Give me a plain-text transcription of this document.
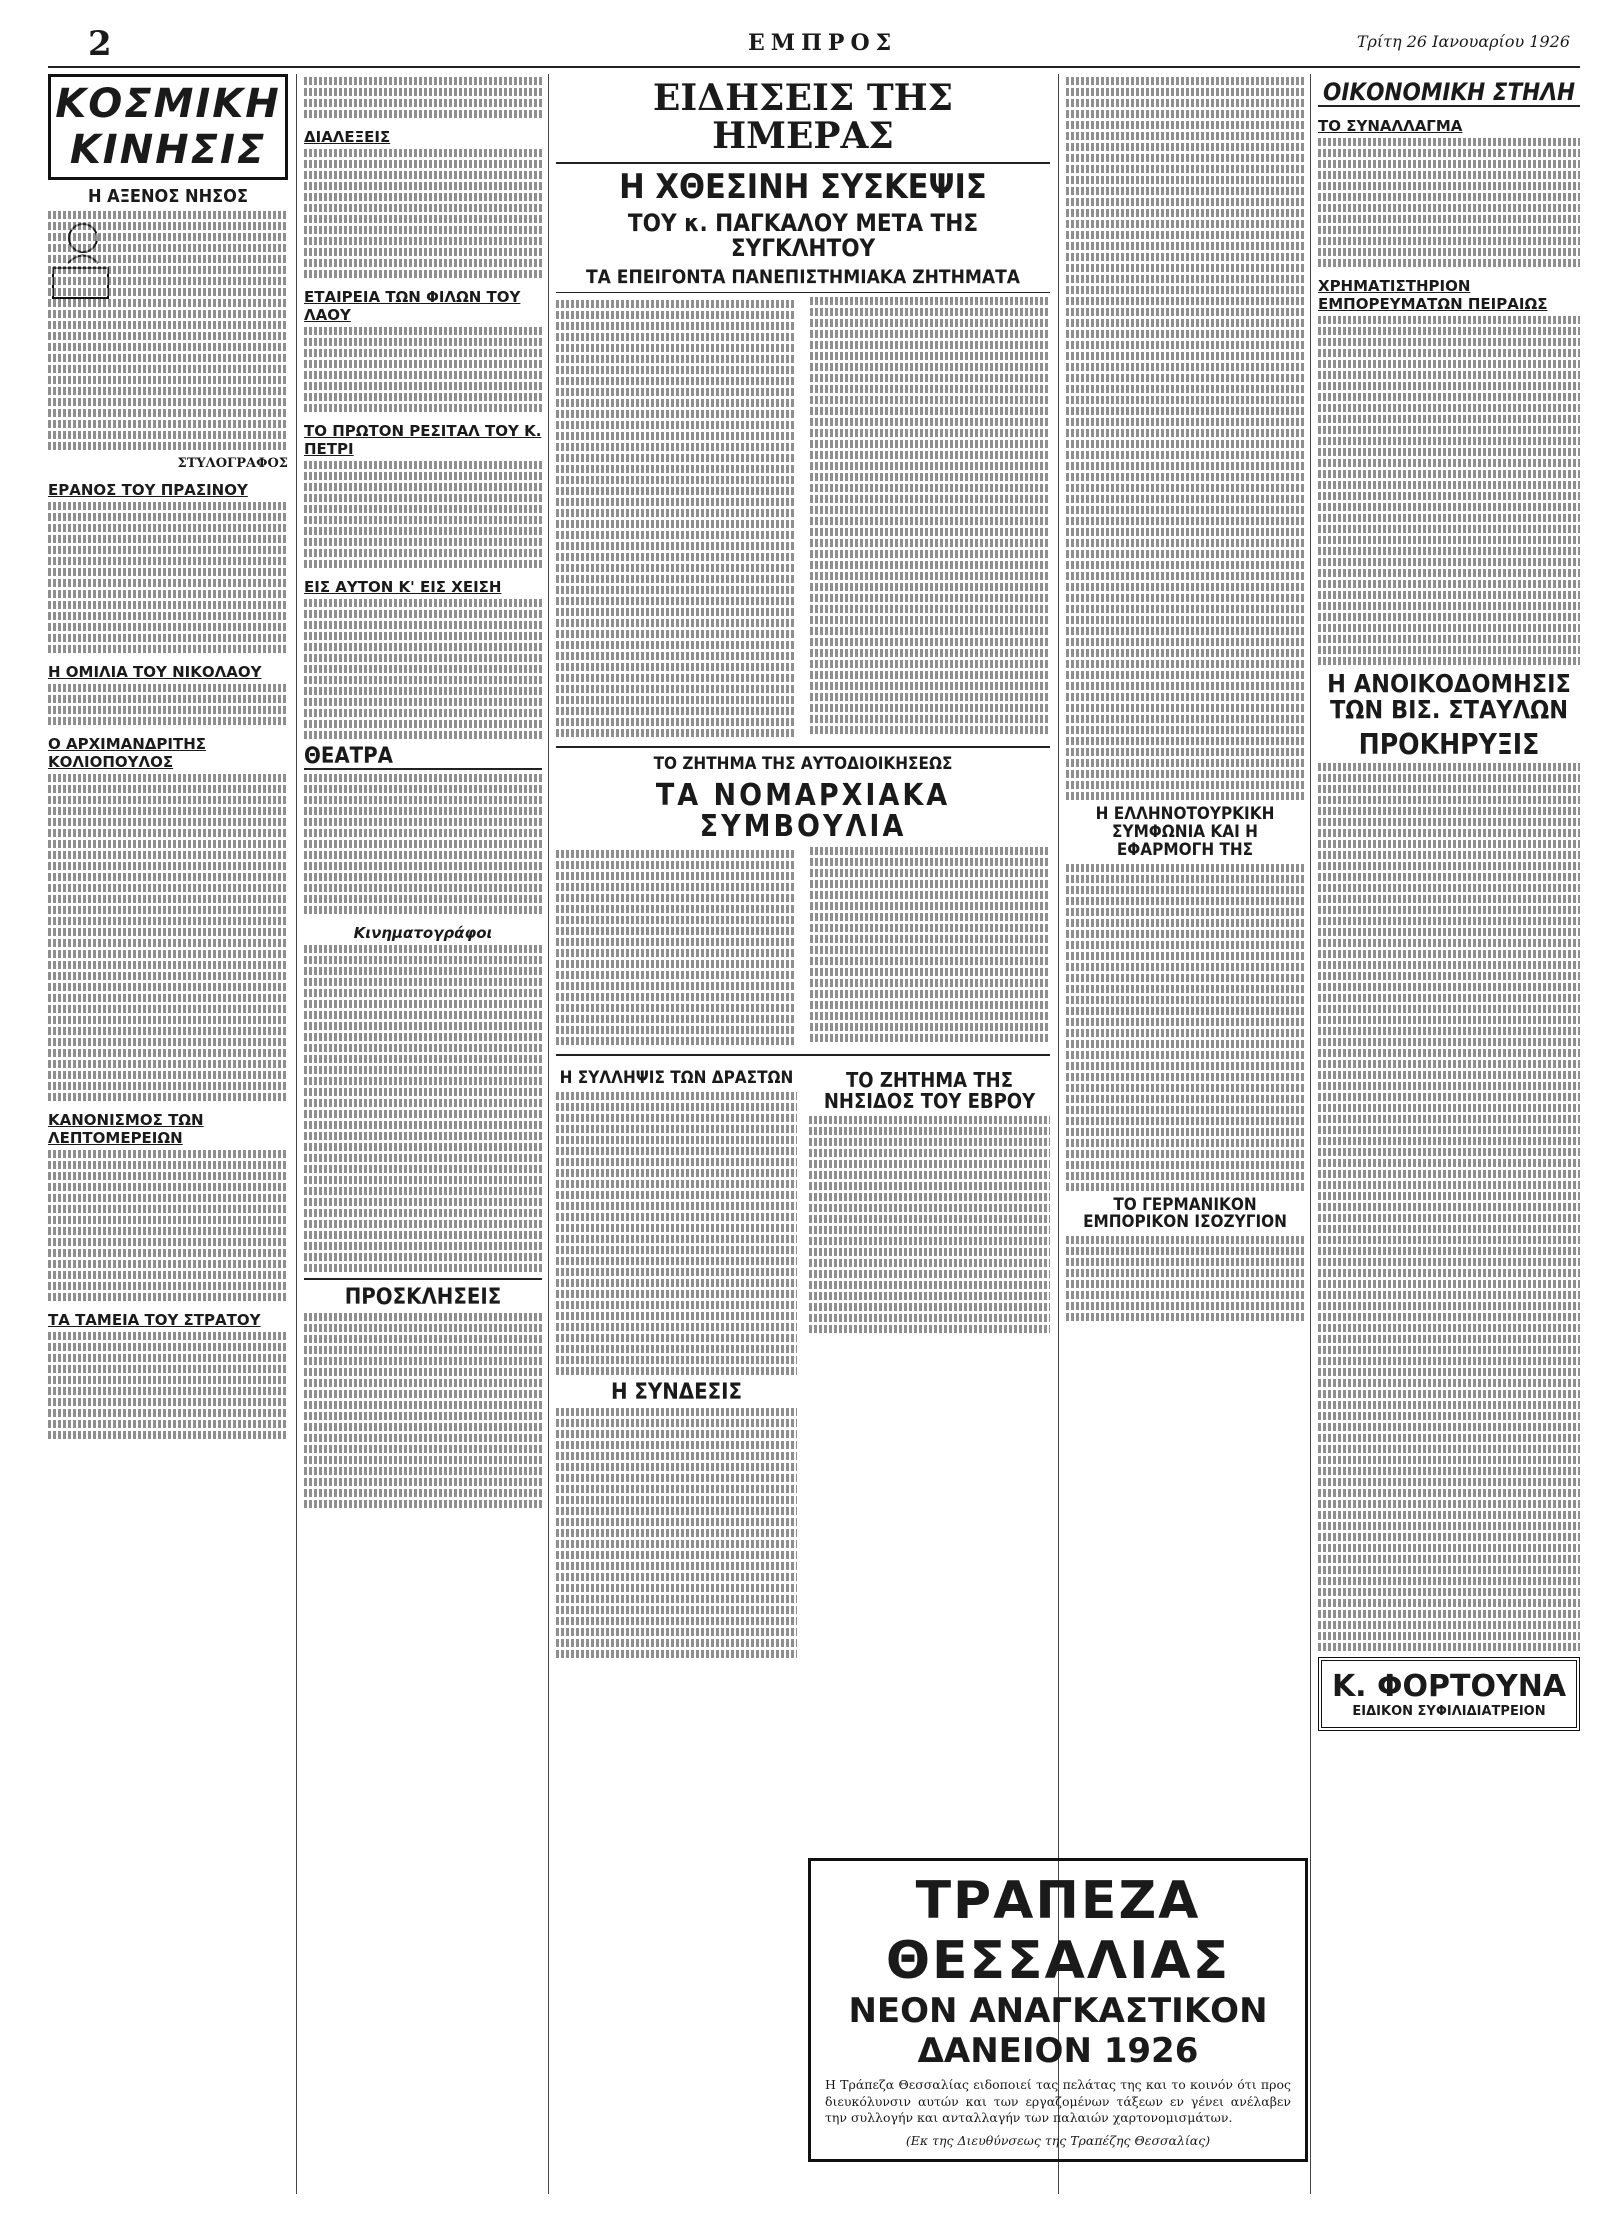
2	ΕΜΠΡΟΣ	Τρίτη 26 Ιανουαρίου 1926
ΚΟΣΜΙΚΗ ΚΙΝΗΣΙΣ
Η ΑΞΕΝΟΣ ΝΗΣΟΣ
ΣΤΥΛΟΓΡΑΦΟΣ
ΕΡΑΝΟΣ ΤΟΥ ΠΡΑΣΙΝΟΥ
Η ΟΜΙΛΙΑ ΤΟΥ ΝΙΚΟΛΑΟΥ
Ο ΑΡΧΙΜΑΝΔΡΙΤΗΣ ΚΟΛΙΟΠΟΥΛΟΣ
ΚΑΝΟΝΙΣΜΟΣ ΤΩΝ ΛΕΠΤΟΜΕΡΕΙΩΝ
ΤΑ ΤΑΜΕΙΑ ΤΟΥ ΣΤΡΑΤΟΥ
ΔΙΑΛΕΞΕΙΣ
ΕΤΑΙΡΕΙΑ ΤΩΝ ΦΙΛΩΝ ΤΟΥ ΛΑΟΥ
ΤΟ ΠΡΩΤΟΝ ΡΕΣΙΤΑΛ ΤΟΥ Κ. ΠΕΤΡΙ
ΕΙΣ ΑΥΤΟΝ Κ' ΕΙΣ ΧΕΙΣΗ
ΘΕΑΤΡΑ
Κινηματογράφοι
ΠΡΟΣΚΛΗΣΕΙΣ
ΕΙΔΗΣΕΙΣ ΤΗΣ ΗΜΕΡΑΣ
Η ΧΘΕΣΙΝΗ ΣΥΣΚΕΨΙΣ
ΤΟΥ κ. ΠΑΓΚΑΛΟΥ ΜΕΤΑ ΤΗΣ ΣΥΓΚΛΗΤΟΥ
ΤΑ ΕΠΕΙΓΟΝΤΑ ΠΑΝΕΠΙΣΤΗΜΙΑΚΑ ΖΗΤΗΜΑΤΑ
ΤΟ ΖΗΤΗΜΑ ΤΗΣ ΑΥΤΟΔΙΟΙΚΗΣΕΩΣ
ΤΑ ΝΟΜΑΡΧΙΑΚΑ ΣΥΜΒΟΥΛΙΑ
Η ΣΥΛΛΗΨΙΣ ΤΩΝ ΔΡΑΣΤΩΝ
Η ΣΥΝΔΕΣΙΣ
ΤΟ ΖΗΤΗΜΑ ΤΗΣ ΝΗΣΙΔΟΣ ΤΟΥ ΕΒΡΟΥ
ΤΡΑΠΕΖΑ ΘΕΣΣΑΛΙΑΣ
ΝΕΟΝ ΑΝΑΓΚΑΣΤΙΚΟΝ ΔΑΝΕΙΟΝ 1926
Η Τράπεζα Θεσσαλίας ειδοποιεί τας πελάτας της και το κοινόν ότι προς διευκόλυνσιν αυτών και των εργαζομένων τάξεων εν γένει ανέλαβεν την συλλογήν και ανταλλαγήν των παλαιών χαρτονομισμάτων.
(Εκ της Διευθύνσεως της Τραπέζης Θεσσαλίας)
Η ΕΛΛΗΝΟΤΟΥΡΚΙΚΗ ΣΥΜΦΩΝΙΑ ΚΑΙ Η ΕΦΑΡΜΟΓΗ ΤΗΣ
ΤΟ ΓΕΡΜΑΝΙΚΟΝ ΕΜΠΟΡΙΚΟΝ ΙΣΟΖΥΓΙΟΝ
ΟΙΚΟΝΟΜΙΚΗ ΣΤΗΛΗ
ΤΟ ΣΥΝΑΛΛΑΓΜΑ
ΧΡΗΜΑΤΙΣΤΗΡΙΟΝ ΕΜΠΟΡΕΥΜΑΤΩΝ ΠΕΙΡΑΙΩΣ
Η ΑΝΟΙΚΟΔΟΜΗΣΙΣ ΤΩΝ ΒΙΣ. ΣΤΑΥΛΩΝ
ΠΡΟΚΗΡΥΞΙΣ
Κ. ΦΟΡΤΟΥΝΑ
ΕΙΔΙΚΟΝ ΣΥΦΙΛΙΔΙΑΤΡΕΙΟΝ
